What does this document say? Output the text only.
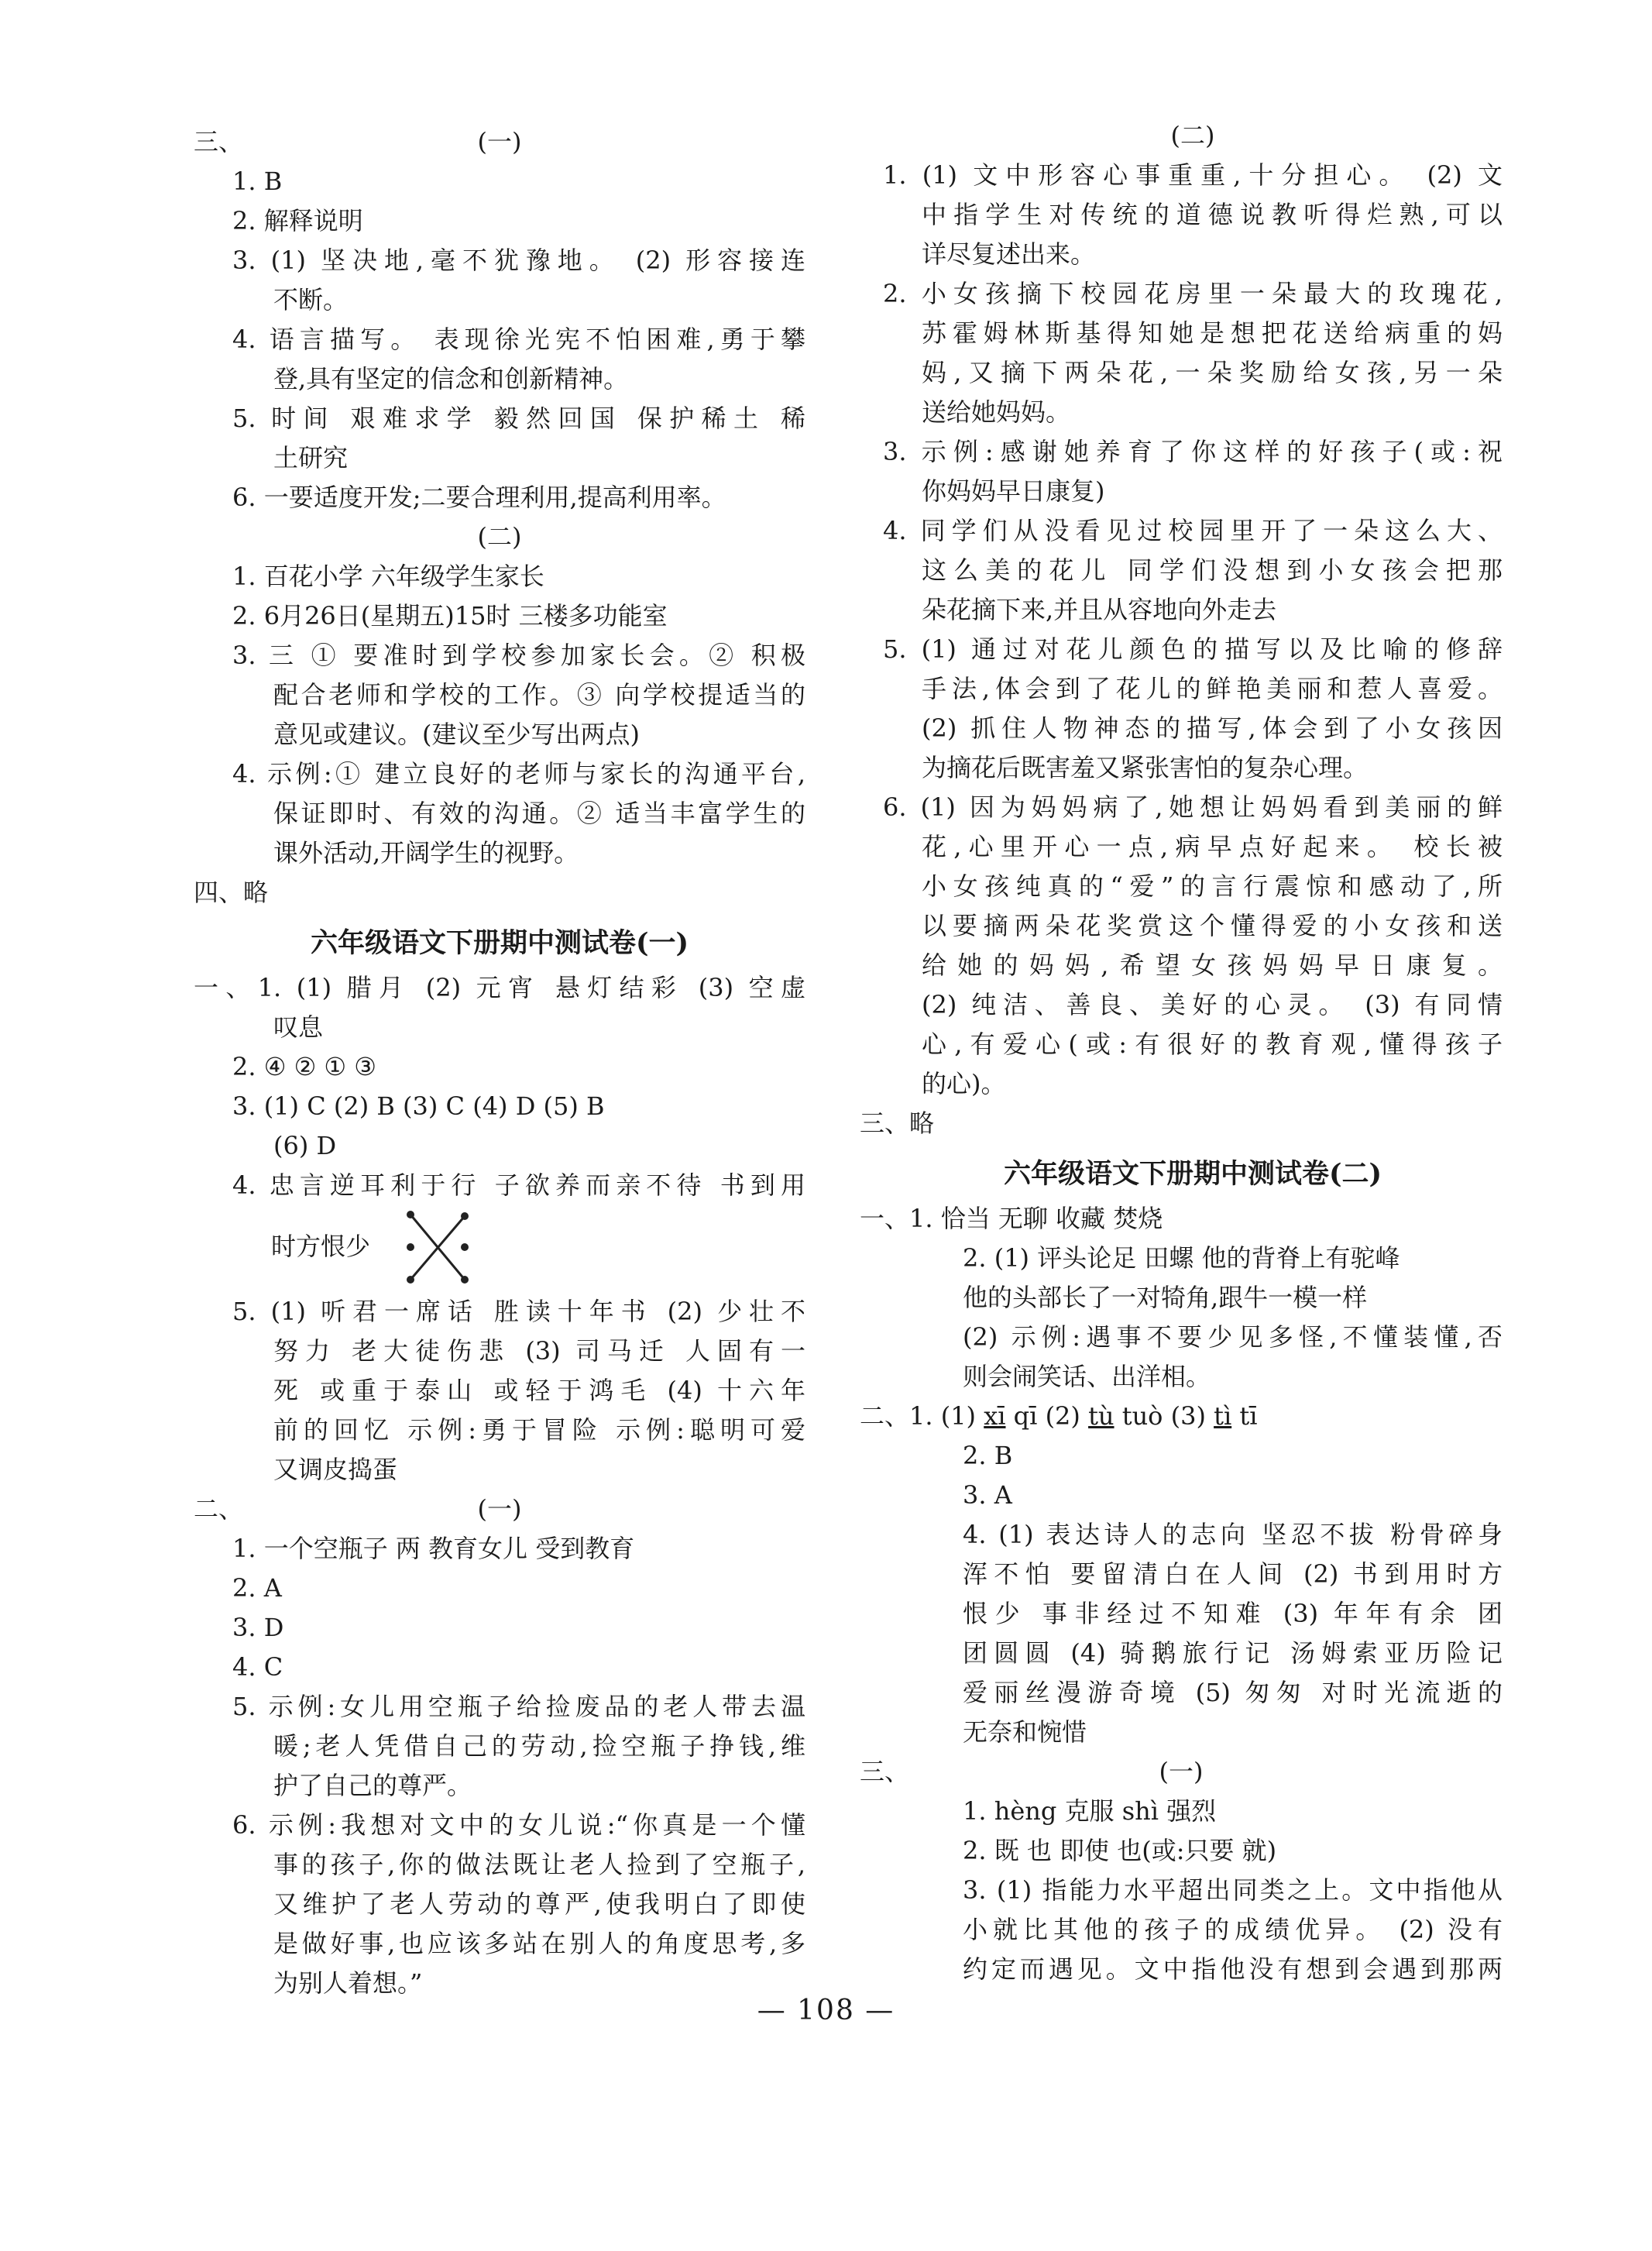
三、	(一)
1. B
2. 解释说明
3. (1) 坚决地,毫不犹豫地。 (2) 形容接连
不断。
4. 语言描写。 表现徐光宪不怕困难,勇于攀
登,具有坚定的信念和创新精神。
5. 时间 艰难求学 毅然回国 保护稀土 稀
土研究
6. 一要适度开发;二要合理利用,提高利用率。
(二)
1. 百花小学 六年级学生家长
2. 6月26日(星期五)15时 三楼多功能室
3. 三 ① 要准时到学校参加家长会。② 积极
配合老师和学校的工作。③ 向学校提适当的
意见或建议。(建议至少写出两点)
4. 示例:① 建立良好的老师与家长的沟通平台,
保证即时、有效的沟通。② 适当丰富学生的
课外活动,开阔学生的视野。
四、略
六年级语文下册期中测试卷(一)
一、1. (1) 腊月 (2) 元宵 悬灯结彩 (3) 空虚
叹息
2. ④ ② ① ③
3. (1) C (2) B (3) C (4) D (5) B
(6) D
4. 忠言逆耳利于行 子欲养而亲不待 书到用
时方恨少
5. (1) 听君一席话 胜读十年书 (2) 少壮不
努力 老大徒伤悲 (3) 司马迁 人固有一
死 或重于泰山 或轻于鸿毛 (4) 十六年
前的回忆 示例:勇于冒险 示例:聪明可爱
又调皮捣蛋
二、	(一)
1. 一个空瓶子 两 教育女儿 受到教育
2. A
3. D
4. C
5. 示例:女儿用空瓶子给捡废品的老人带去温
暖;老人凭借自己的劳动,捡空瓶子挣钱,维
护了自己的尊严。
6. 示例:我想对文中的女儿说:“你真是一个懂
事的孩子,你的做法既让老人捡到了空瓶子,
又维护了老人劳动的尊严,使我明白了即使
是做好事,也应该多站在别人的角度思考,多
为别人着想。”
(二)
1. (1) 文中形容心事重重,十分担心。 (2) 文
中指学生对传统的道德说教听得烂熟,可以
详尽复述出来。
2. 小女孩摘下校园花房里一朵最大的玫瑰花,
苏霍姆林斯基得知她是想把花送给病重的妈
妈,又摘下两朵花,一朵奖励给女孩,另一朵
送给她妈妈。
3. 示例:感谢她养育了你这样的好孩子(或:祝
你妈妈早日康复)
4. 同学们从没看见过校园里开了一朵这么大、
这么美的花儿 同学们没想到小女孩会把那
朵花摘下来,并且从容地向外走去
5. (1) 通过对花儿颜色的描写以及比喻的修辞
手法,体会到了花儿的鲜艳美丽和惹人喜爱。
(2) 抓住人物神态的描写,体会到了小女孩因
为摘花后既害羞又紧张害怕的复杂心理。
6. (1) 因为妈妈病了,她想让妈妈看到美丽的鲜
花,心里开心一点,病早点好起来。 校长被
小女孩纯真的“爱”的言行震惊和感动了,所
以要摘两朵花奖赏这个懂得爱的小女孩和送
给她的妈妈,希望女孩妈妈早日康复。
(2) 纯洁、善良、美好的心灵。 (3) 有同情
心,有爱心(或:有很好的教育观,懂得孩子
的心)。
三、略
六年级语文下册期中测试卷(二)
一、1. 恰当 无聊 收藏 焚烧
2. (1) 评头论足 田螺 他的背脊上有驼峰
他的头部长了一对犄角,跟牛一模一样
(2) 示例:遇事不要少见多怪,不懂装懂,否
则会闹笑话、出洋相。
二、1. (1) xī qī (2) tù tuò (3) tì tī
2. B
3. A
4. (1) 表达诗人的志向 坚忍不拔 粉骨碎身
浑不怕 要留清白在人间 (2) 书到用时方
恨少 事非经过不知难 (3) 年年有余 团
团圆圆 (4) 骑鹅旅行记 汤姆索亚历险记
爱丽丝漫游奇境 (5) 匆匆 对时光流逝的
无奈和惋惜
三、	(一)
1. hèng 克服 shì 强烈
2. 既 也 即使 也(或:只要 就)
3. (1) 指能力水平超出同类之上。文中指他从
小就比其他的孩子的成绩优异。 (2) 没有
约定而遇见。文中指他没有想到会遇到那两
— 108 —
